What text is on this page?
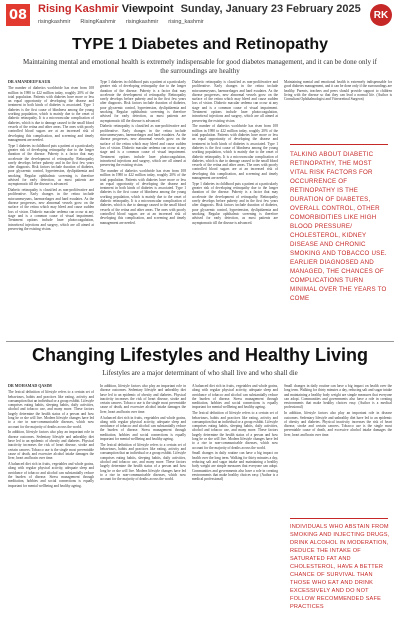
08 Rising Kashmir Viewpoint Sunday, January 23 February 2025
risingkashmir RisingKashmir risingkashmir rising_kashmir
RK
TYPE 1 Diabetes and Retinopathy
Maintaining mental and emotional health is extremely indispensable for good diabetes management, and it can be done only if the surroundings are healthy
DR AMANDEEP KAUR

The number of diabetics worldwide has risen from 108 million in 1980 to 422 million today, roughly 20% of the total population. Patients with diabetes have more or less an equal opportunity of developing the disease and treatment in both kinds of diabetes is associated. Type 1 diabetes is the first cause of blindness among the young working population, which is mainly due to the onset of diabetic retinopathy. It is a microvascular complication of diabetes, which is due to damage caused to the small blood vessels of the retina and other areas. The ones with poorly controlled blood sugars are at an increased risk of developing this complication, and screening and timely management are needed.

Type 1 diabetes in childhood puts a patient at a particularly greater risk of developing retinopathy due to the longer duration of the disease. Puberty is a factor that may accelerate the development of retinopathy. Retinopathy rarely develops before puberty and in the first few years after diagnosis. Risk factors include duration of diabetes, poor glycaemic control, hypertension, dyslipidaemia and smoking. Regular ophthalmic screening is therefore advised for early detection, as most patients are asymptomatic till the disease is advanced.

Diabetic retinopathy is classified as non-proliferative and proliferative. Early changes in the retina include microaneurysms, haemorrhages and hard exudates. As the disease progresses, new abnormal vessels grow on the surface of the retina which may bleed and cause sudden loss of vision. Diabetic macular oedema can occur at any stage and is a common cause of visual impairment. Treatment options include laser photocoagulation, intravitreal injections and surgery, which are all aimed at preserving the existing vision.

Type 1 diabetes in childhood puts a patient at a particularly greater risk of developing retinopathy due to the longer duration of the disease. Puberty is a factor that may accelerate the development of retinopathy. Retinopathy rarely develops before puberty and in the first few years after diagnosis. Risk factors include duration of diabetes, poor glycaemic control, hypertension, dyslipidaemia and smoking. Regular ophthalmic screening is therefore advised for early detection, as most patients are asymptomatic till the disease is advanced.

Diabetic retinopathy is classified as non-proliferative and proliferative. Early changes in the retina include microaneurysms, haemorrhages and hard exudates. As the disease progresses, new abnormal vessels grow on the surface of the retina which may bleed and cause sudden loss of vision. Diabetic macular oedema can occur at any stage and is a common cause of visual impairment. Treatment options include laser photocoagulation, intravitreal injections and surgery, which are all aimed at preserving the existing vision.

The number of diabetics worldwide has risen from 108 million in 1980 to 422 million today, roughly 20% of the total population. Patients with diabetes have more or less an equal opportunity of developing the disease and treatment in both kinds of diabetes is associated. Type 1 diabetes is the first cause of blindness among the young working population, which is mainly due to the onset of diabetic retinopathy. It is a microvascular complication of diabetes, which is due to damage caused to the small blood vessels of the retina and other areas. The ones with poorly controlled blood sugars are at an increased risk of developing this complication, and screening and timely management are needed.

Diabetic retinopathy is classified as non-proliferative and proliferative. Early changes in the retina include microaneurysms, haemorrhages and hard exudates. As the disease progresses, new abnormal vessels grow on the surface of the retina which may bleed and cause sudden loss of vision. Diabetic macular oedema can occur at any stage and is a common cause of visual impairment. Treatment options include laser photocoagulation, intravitreal injections and surgery, which are all aimed at preserving the existing vision.

The number of diabetics worldwide has risen from 108 million in 1980 to 422 million today, roughly 20% of the total population. Patients with diabetes have more or less an equal opportunity of developing the disease and treatment in both kinds of diabetes is associated. Type 1 diabetes is the first cause of blindness among the young working population, which is mainly due to the onset of diabetic retinopathy. It is a microvascular complication of diabetes, which is due to damage caused to the small blood vessels of the retina and other areas. The ones with poorly controlled blood sugars are at an increased risk of developing this complication, and screening and timely management are needed.

Type 1 diabetes in childhood puts a patient at a particularly greater risk of developing retinopathy due to the longer duration of the disease. Puberty is a factor that may accelerate the development of retinopathy. Retinopathy rarely develops before puberty and in the first few years after diagnosis. Risk factors include duration of diabetes, poor glycaemic control, hypertension, dyslipidaemia and smoking. Regular ophthalmic screening is therefore advised for early detection, as most patients are asymptomatic till the disease is advanced.

Maintaining mental and emotional health is extremely indispensable for good diabetes management, and it can be done only if the surroundings are healthy. Parents, teachers and peers should provide support to children living with the disease so that they can lead a normal life. (Author is Consultant Ophthalmologist and Vitreoretinal Surgeon)

TALKING ABOUT DIABETIC RETINOPATHY, THE MOST VITAL RISK FACTORS FOR OCCURRENCE OF RETINOPATHY IS THE DURATION OF DIABETES, OVERALL CONTROL, OTHER COMORBIDITIES LIKE HIGH BLOOD PRESSURE/ CHOLESTEROL, KIDNEY DISEASE AND CHRONIC SMOKING AND TOBACCO USE. EARLIER DIAGNOSED AND MANAGED, THE CHANCES OF COMPLICATIONS TURN MINIMAL OVER THE YEARS TO COME
Changing Lifestyles and Healthy Living
Lifestyles are a major determinant of who shall live and who shall die
DR MOHAMAD QASIM

The lexical definition of lifestyle refers to a certain set of behaviours, habits and practices like eating, activity and consumption that an individual or a group exhibit. Lifestyle comprises eating habits, sleeping habits, daily activities, alcohol and tobacco use, and many more. These factors largely determine the health status of a person and how long he or she will live. Modern lifestyle changes have led to a rise in non-communicable diseases, which now account for the majority of deaths across the world.

In addition, lifestyle factors also play an important role in disease outcomes. Sedentary lifestyle and unhealthy diet have led to an epidemic of obesity and diabetes. Physical inactivity increases the risk of heart disease, stroke and certain cancers. Tobacco use is the single most preventable cause of death, and excessive alcohol intake damages the liver, heart and brain over time.

A balanced diet rich in fruits, vegetables and whole grains, along with regular physical activity, adequate sleep and avoidance of tobacco and alcohol can substantially reduce the burden of disease. Stress management through meditation, hobbies and social connections is equally important for mental wellbeing and healthy ageing.

In addition, lifestyle factors also play an important role in disease outcomes. Sedentary lifestyle and unhealthy diet have led to an epidemic of obesity and diabetes. Physical inactivity increases the risk of heart disease, stroke and certain cancers. Tobacco use is the single most preventable cause of death, and excessive alcohol intake damages the liver, heart and brain over time.

A balanced diet rich in fruits, vegetables and whole grains, along with regular physical activity, adequate sleep and avoidance of tobacco and alcohol can substantially reduce the burden of disease. Stress management through meditation, hobbies and social connections is equally important for mental wellbeing and healthy ageing.

The lexical definition of lifestyle refers to a certain set of behaviours, habits and practices like eating, activity and consumption that an individual or a group exhibit. Lifestyle comprises eating habits, sleeping habits, daily activities, alcohol and tobacco use, and many more. These factors largely determine the health status of a person and how long he or she will live. Modern lifestyle changes have led to a rise in non-communicable diseases, which now account for the majority of deaths across the world.

A balanced diet rich in fruits, vegetables and whole grains, along with regular physical activity, adequate sleep and avoidance of tobacco and alcohol can substantially reduce the burden of disease. Stress management through meditation, hobbies and social connections is equally important for mental wellbeing and healthy ageing.

The lexical definition of lifestyle refers to a certain set of behaviours, habits and practices like eating, activity and consumption that an individual or a group exhibit. Lifestyle comprises eating habits, sleeping habits, daily activities, alcohol and tobacco use, and many more. These factors largely determine the health status of a person and how long he or she will live. Modern lifestyle changes have led to a rise in non-communicable diseases, which now account for the majority of deaths across the world.

Small changes in daily routine can have a big impact on health over the long term. Walking for thirty minutes a day, reducing salt and sugar intake and maintaining a healthy body weight are simple measures that everyone can adopt. Communities and governments also have a role in creating environments that make healthy choices easy. (Author is a medical professional)

Small changes in daily routine can have a big impact on health over the long term. Walking for thirty minutes a day, reducing salt and sugar intake and maintaining a healthy body weight are simple measures that everyone can adopt. Communities and governments also have a role in creating environments that make healthy choices easy. (Author is a medical professional)

In addition, lifestyle factors also play an important role in disease outcomes. Sedentary lifestyle and unhealthy diet have led to an epidemic of obesity and diabetes. Physical inactivity increases the risk of heart disease, stroke and certain cancers. Tobacco use is the single most preventable cause of death, and excessive alcohol intake damages the liver, heart and brain over time.

INDIVIDUALS WHO ABSTAIN FROM SMOKING AND INJECTING DRUGS, DRINK ALCOHOL IN MODERATION, REDUCE THE INTAKE OF SATURATED FAT AND CHOLESTEROL, HAVE A BETTER CHANCE OF SURVIVAL THAN THOSE WHO EAT AND DRINK EXCESSIVELY AND DO NOT FOLLOW RECOMMENDED SAFE PRACTICES
